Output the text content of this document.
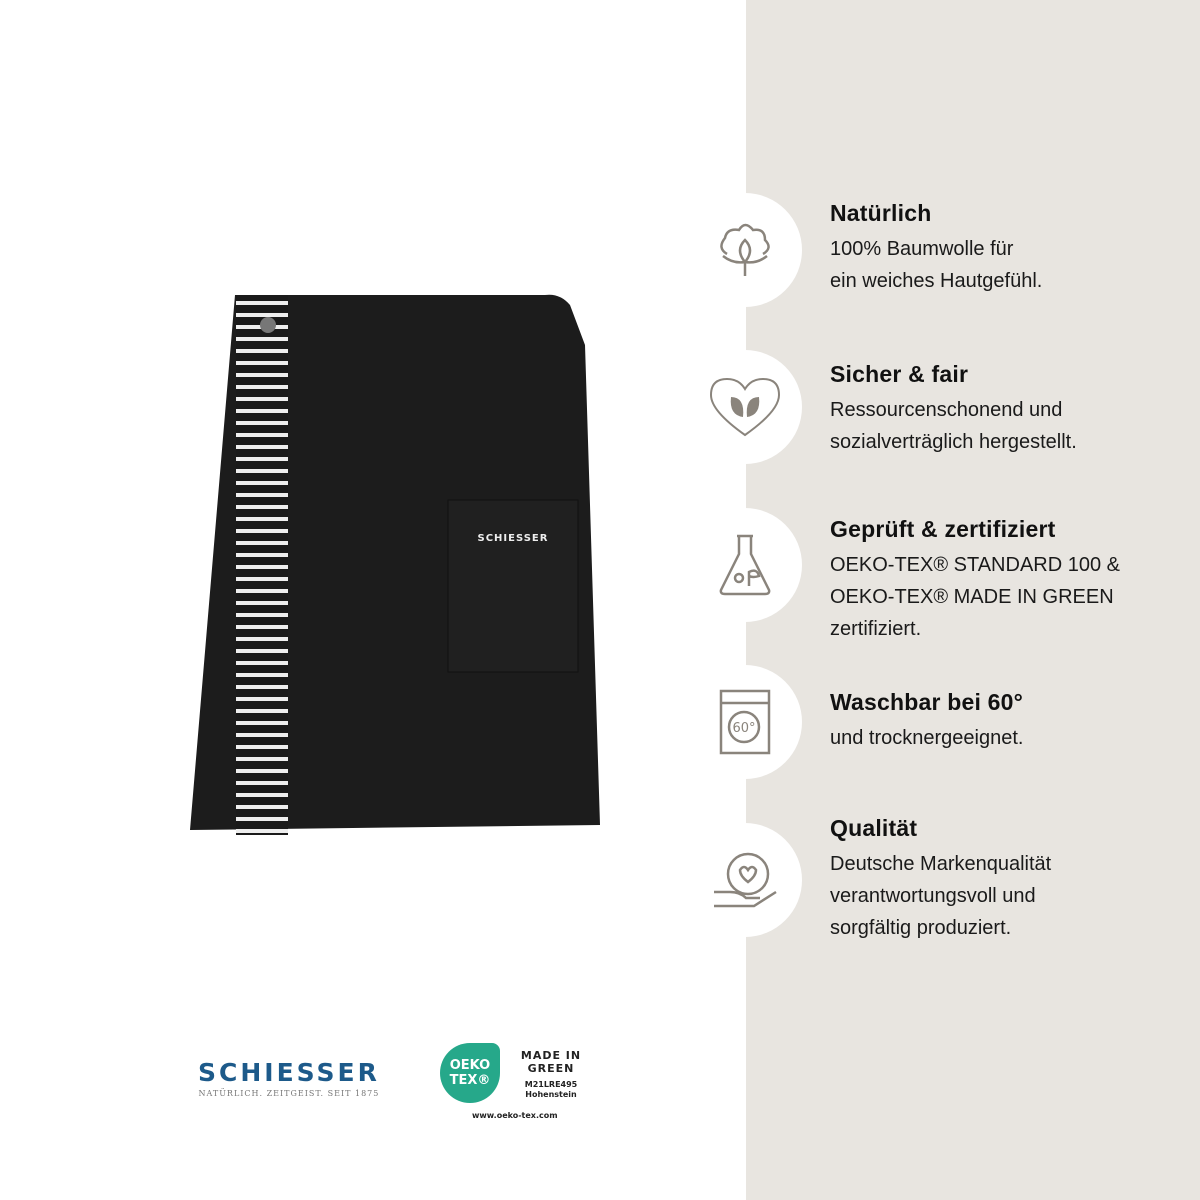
SCHIESSER
60°
Natürlich

100% Baumwolle für

ein weiches Hautgefühl.

Sicher & fair

Ressourcenschonend und

sozialverträglich hergestellt.

Geprüft & zertifiziert

OEKO-TEX® STANDARD 100 &

OEKO-TEX® MADE IN GREEN

zertifiziert.

Waschbar bei 60°

und trocknergeeignet.

Qualität

Deutsche Markenqualität

verantwortungsvoll und

sorgfältig produziert.

SCHIESSER
NATÜRLICH. ZEITGEIST. SEIT 1875
OEKO
TEX®
MADE IN
GREEN
M21LRE495
Hohenstein
www.oeko-tex.com
